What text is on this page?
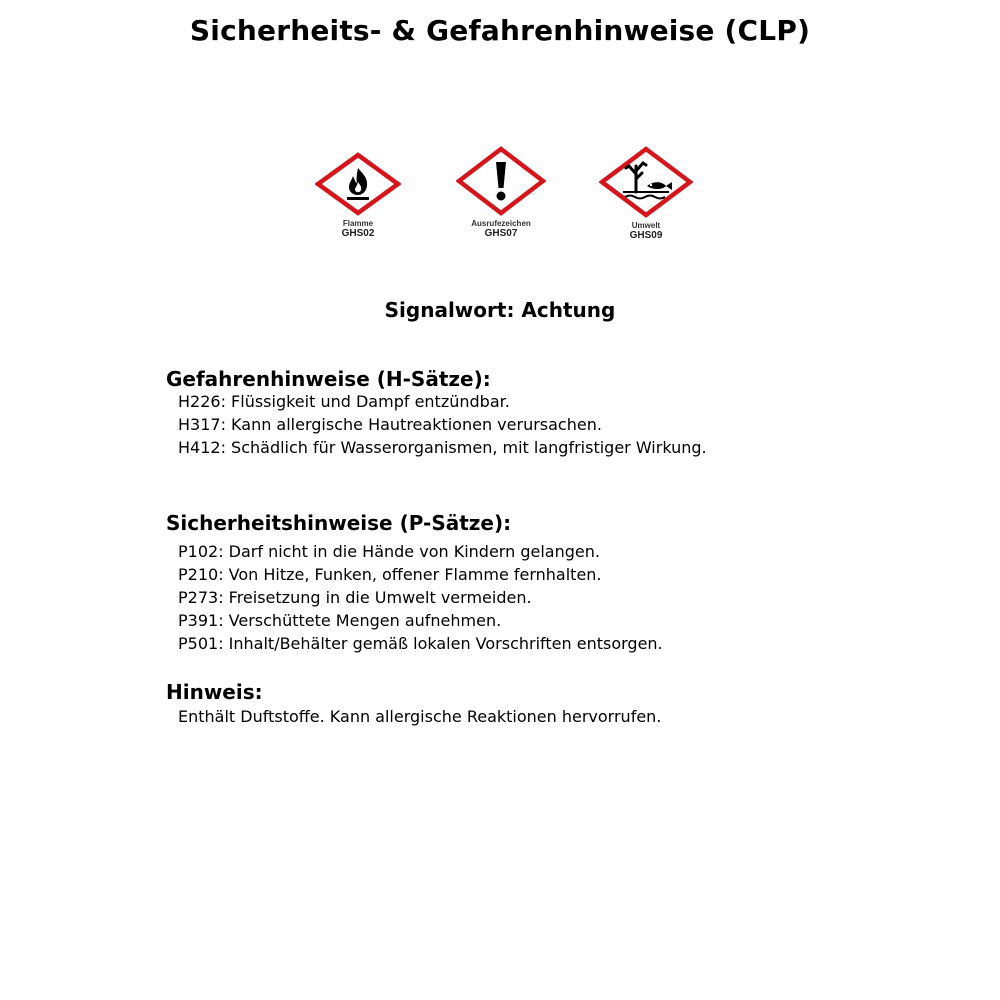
Sicherheits- & Gefahrenhinweise (CLP)
Flamme
GHS02
Ausrufezeichen
GHS07
Umwelt
GHS09
Signalwort: Achtung
Gefahrenhinweise (H-Sätze):
H226: Flüssigkeit und Dampf entzündbar.
H317: Kann allergische Hautreaktionen verursachen.
H412: Schädlich für Wasserorganismen, mit langfristiger Wirkung.
Sicherheitshinweise (P-Sätze):
P102: Darf nicht in die Hände von Kindern gelangen.
P210: Von Hitze, Funken, offener Flamme fernhalten.
P273: Freisetzung in die Umwelt vermeiden.
P391: Verschüttete Mengen aufnehmen.
P501: Inhalt/Behälter gemäß lokalen Vorschriften entsorgen.
Hinweis:

Enthält Duftstoffe. Kann allergische Reaktionen hervorrufen.
